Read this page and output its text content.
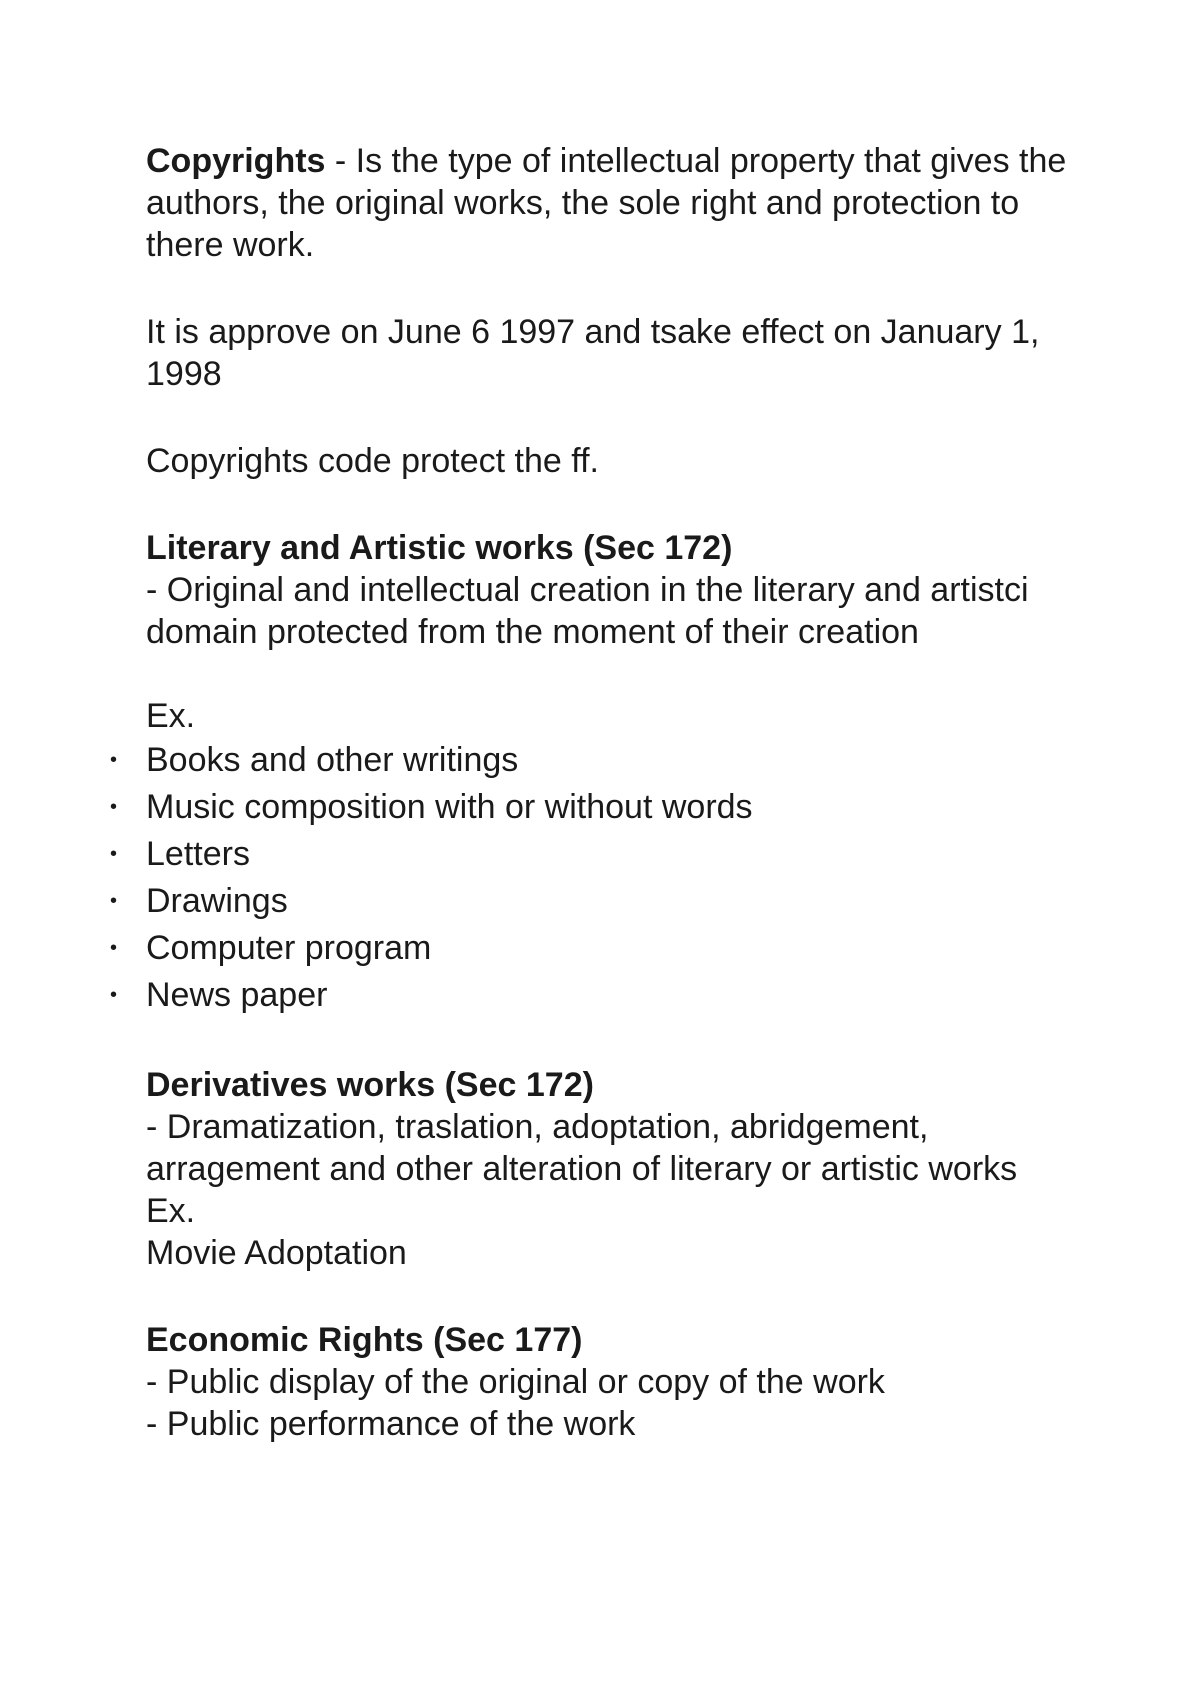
Copyrights - Is the type of intellectual property that gives the authors, the original works, the sole right and protection to there work.

It is approve on June 6 1997 and tsake effect on January 1, 1998

Copyrights code protect the ff.

Literary and Artistic works (Sec 172)

- Original and intellectual creation in the literary and artistci domain protected from the moment of their creation

Ex.

• Books and other writings
• Music composition with or without words
• Letters
• Drawings
• Computer program
• News paper

Derivatives works (Sec 172)

- Dramatization, traslation, adoptation, abridgement, arragement and other alteration of literary or artistic works

Ex.

Movie Adoptation

Economic Rights (Sec 177)

- Public display of the original or copy of the work

- Public performance of the work
